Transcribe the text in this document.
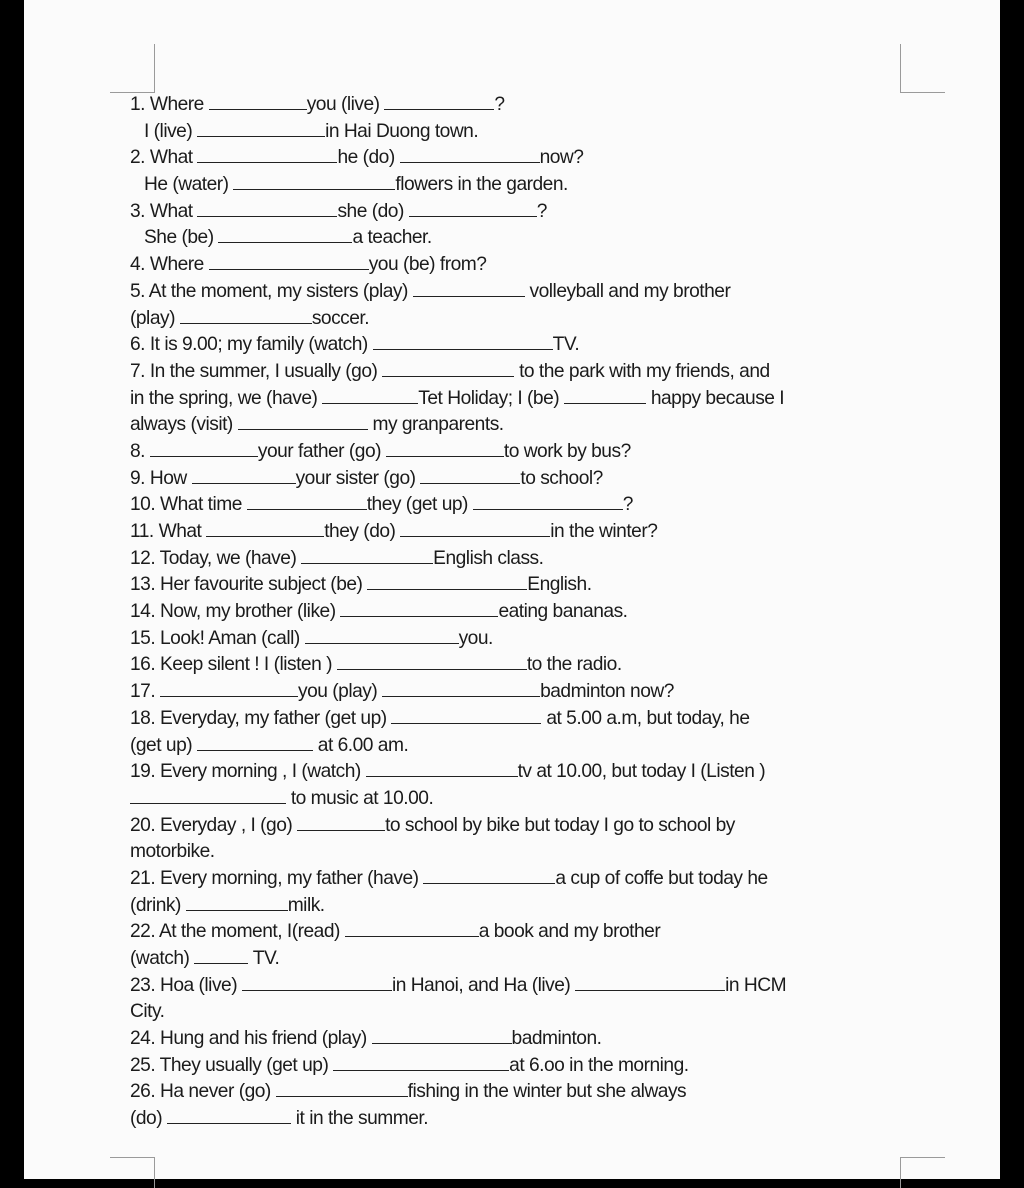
1. Where	you (live)	?
I (live)	in Hai Duong town.
2. What	he (do)	now?
He (water)	flowers in the garden.
3. What	she (do)	?
She (be)	a teacher.
4. Where	you (be) from?
5. At the moment, my sisters (play)	volleyball and my brother
(play)	soccer.
6. It is 9.00; my family (watch)	TV.
7. In the summer, I usually (go)	to the park with my friends, and
in the spring, we (have)	Tet Holiday; I (be)	happy because I
always (visit)	my granparents.
8.	your father (go)	to work by bus?
9. How	your sister (go)	to school?
10. What time	they (get up)	?
11. What	they (do)	in the winter?
12. Today, we (have)	English class.
13. Her favourite subject (be)	English.
14. Now, my brother (like)	eating bananas.
15. Look! Aman (call)	you.
16. Keep silent ! I (listen )	to the radio.
17.	you (play)	badminton now?
18. Everyday, my father (get up)	at 5.00 a.m, but today, he
(get up)	at 6.00 am.
19. Every morning , I (watch)	tv at 10.00, but today I (Listen )
to music at 10.00.
20. Everyday , I (go)	to school by bike but today I go to school by
motorbike.
21. Every morning, my father (have)	a cup of coffe but today he
(drink)	milk.
22. At the moment, I(read)	a book and my brother
(watch)	TV.
23. Hoa (live)	in Hanoi, and Ha (live)	in HCM
City.
24. Hung and his friend (play)	badminton.
25. They usually (get up)	at 6.oo in the morning.
26. Ha never (go)	fishing in the winter but she always
(do)	it in the summer.
